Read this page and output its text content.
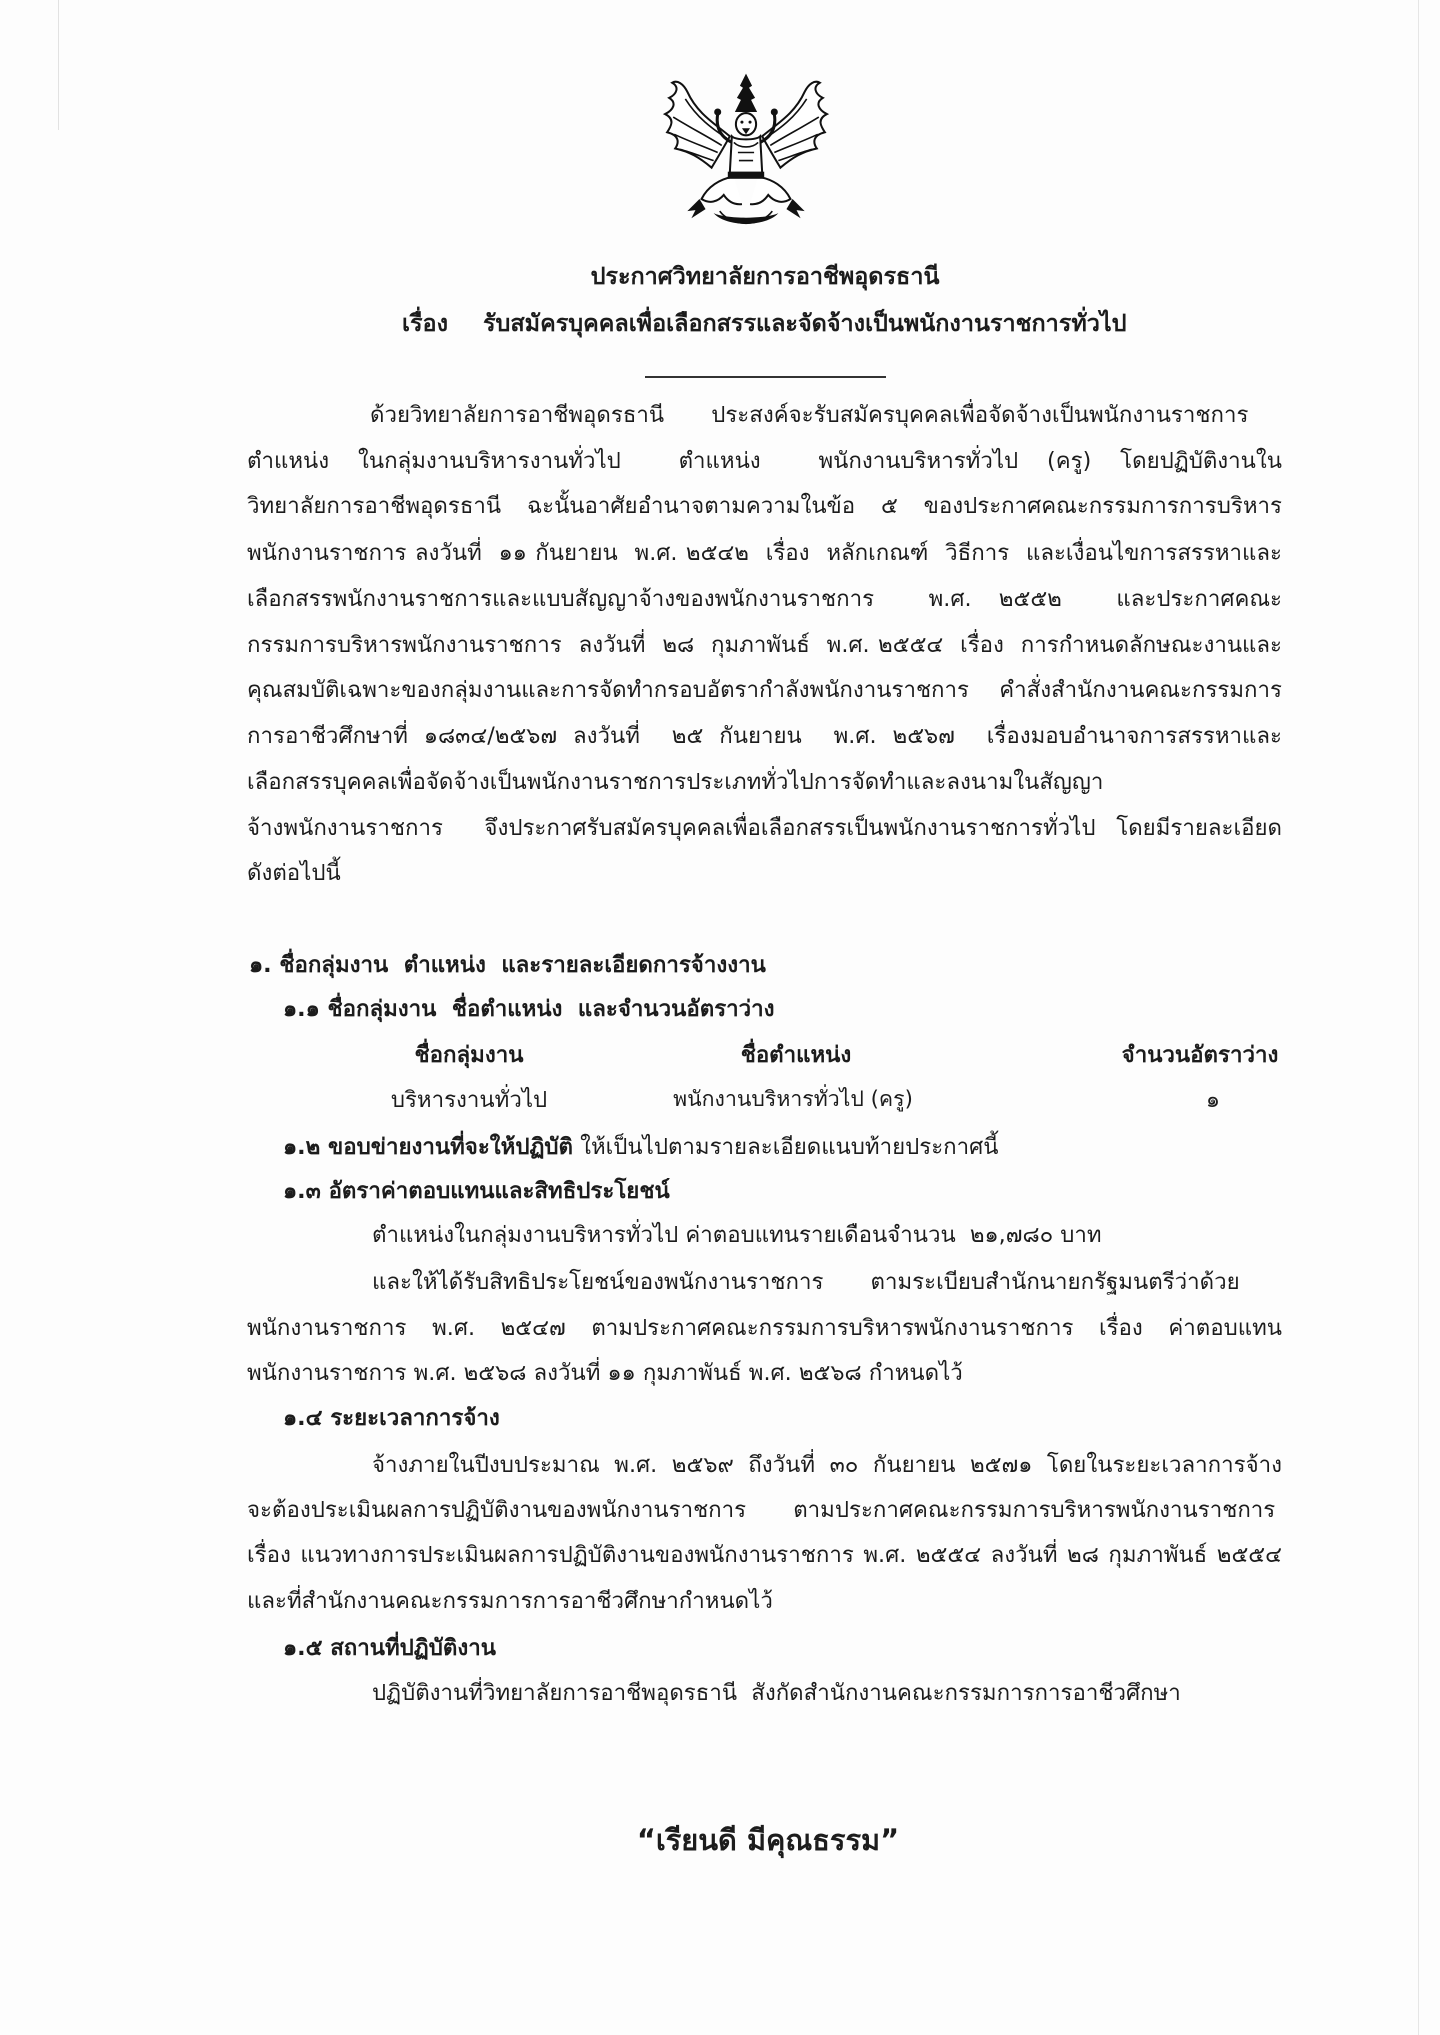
ประกาศวิทยาลัยการอาชีพอุดรธานี
เรื่อง	รับสมัครบุคคลเพื่อเลือกสรรและจัดจ้างเป็นพนักงานราชการทั่วไป
ด้วยวิทยาลัยการอาชีพอุดรธานี ประสงค์จะรับสมัครบุคคลเพื่อจัดจ้างเป็นพนักงานราชการ
ตำแหน่ง ในกลุ่มงานบริหารงานทั่วไป  ตำแหน่ง  พนักงานบริหารทั่วไป (ครู) โดยปฏิบัติงานใน
วิทยาลัยการอาชีพอุดรธานี ฉะนั้นอาศัยอำนาจตามความในข้อ ๕ ของประกาศคณะกรรมการการบริหาร
พนักงานราชการ ลงวันที่  ๑๑ กันยายน  พ.ศ. ๒๕๔๒  เรื่อง  หลักเกณฑ์  วิธีการ  และเงื่อนไขการสรรหาและ
เลือกสรรพนักงานราชการและแบบสัญญาจ้างของพนักงานราชการ  พ.ศ. ๒๕๕๒  และประกาศคณะ
กรรมการบริหารพนักงานราชการ  ลงวันที่  ๒๘  กุมภาพันธ์  พ.ศ. ๒๕๕๔  เรื่อง  การกำหนดลักษณะงานและ
คุณสมบัติเฉพาะของกลุ่มงานและการจัดทำกรอบอัตรากำลังพนักงานราชการ  คำสั่งสำนักงานคณะกรรมการ
การอาชีวศึกษาที่ ๑๘๓๔/๒๕๖๗ ลงวันที่  ๒๕ กันยายน  พ.ศ. ๒๕๖๗  เรื่องมอบอำนาจการสรรหาและ
เลือกสรรบุคคลเพื่อจัดจ้างเป็นพนักงานราชการประเภททั่วไปการจัดทำและลงนามในสัญญา
จ้างพนักงานราชการ  จึงประกาศรับสมัครบุคคลเพื่อเลือกสรรเป็นพนักงานราชการทั่วไป โดยมีรายละเอียด
ดังต่อไปนี้
๑. ชื่อกลุ่มงาน  ตำแหน่ง  และรายละเอียดการจ้างงาน
๑.๑ ชื่อกลุ่มงาน  ชื่อตำแหน่ง  และจำนวนอัตราว่าง
ชื่อกลุ่มงาน	ชื่อตำแหน่ง	จำนวนอัตราว่าง
บริหารงานทั่วไป	พนักงานบริหารทั่วไป (ครู)	๑
๑.๒ ขอบข่ายงานที่จะให้ปฏิบัติ ให้เป็นไปตามรายละเอียดแนบท้ายประกาศนี้
๑.๓ อัตราค่าตอบแทนและสิทธิประโยชน์
ตำแหน่งในกลุ่มงานบริหารทั่วไป ค่าตอบแทนรายเดือนจำนวน  ๒๑,๗๘๐ บาท
และให้ได้รับสิทธิประโยชน์ของพนักงานราชการ ตามระเบียบสำนักนายกรัฐมนตรีว่าด้วย
พนักงานราชการ พ.ศ. ๒๕๔๗ ตามประกาศคณะกรรมการบริหารพนักงานราชการ เรื่อง ค่าตอบแทน
พนักงานราชการ พ.ศ. ๒๕๖๘ ลงวันที่ ๑๑ กุมภาพันธ์ พ.ศ. ๒๕๖๘ กำหนดไว้
๑.๔ ระยะเวลาการจ้าง
จ้างภายในปีงบประมาณ พ.ศ. ๒๕๖๙ ถึงวันที่ ๓๐ กันยายน ๒๕๗๑ โดยในระยะเวลาการจ้าง
จะต้องประเมินผลการปฏิบัติงานของพนักงานราชการ ตามประกาศคณะกรรมการบริหารพนักงานราชการ
เรื่อง แนวทางการประเมินผลการปฏิบัติงานของพนักงานราชการ พ.ศ. ๒๕๕๔ ลงวันที่ ๒๘ กุมภาพันธ์ ๒๕๕๔
และที่สำนักงานคณะกรรมการการอาชีวศึกษากำหนดไว้
๑.๕ สถานที่ปฏิบัติงาน
ปฏิบัติงานที่วิทยาลัยการอาชีพอุดรธานี  สังกัดสำนักงานคณะกรรมการการอาชีวศึกษา
“เรียนดี มีคุณธรรม”
